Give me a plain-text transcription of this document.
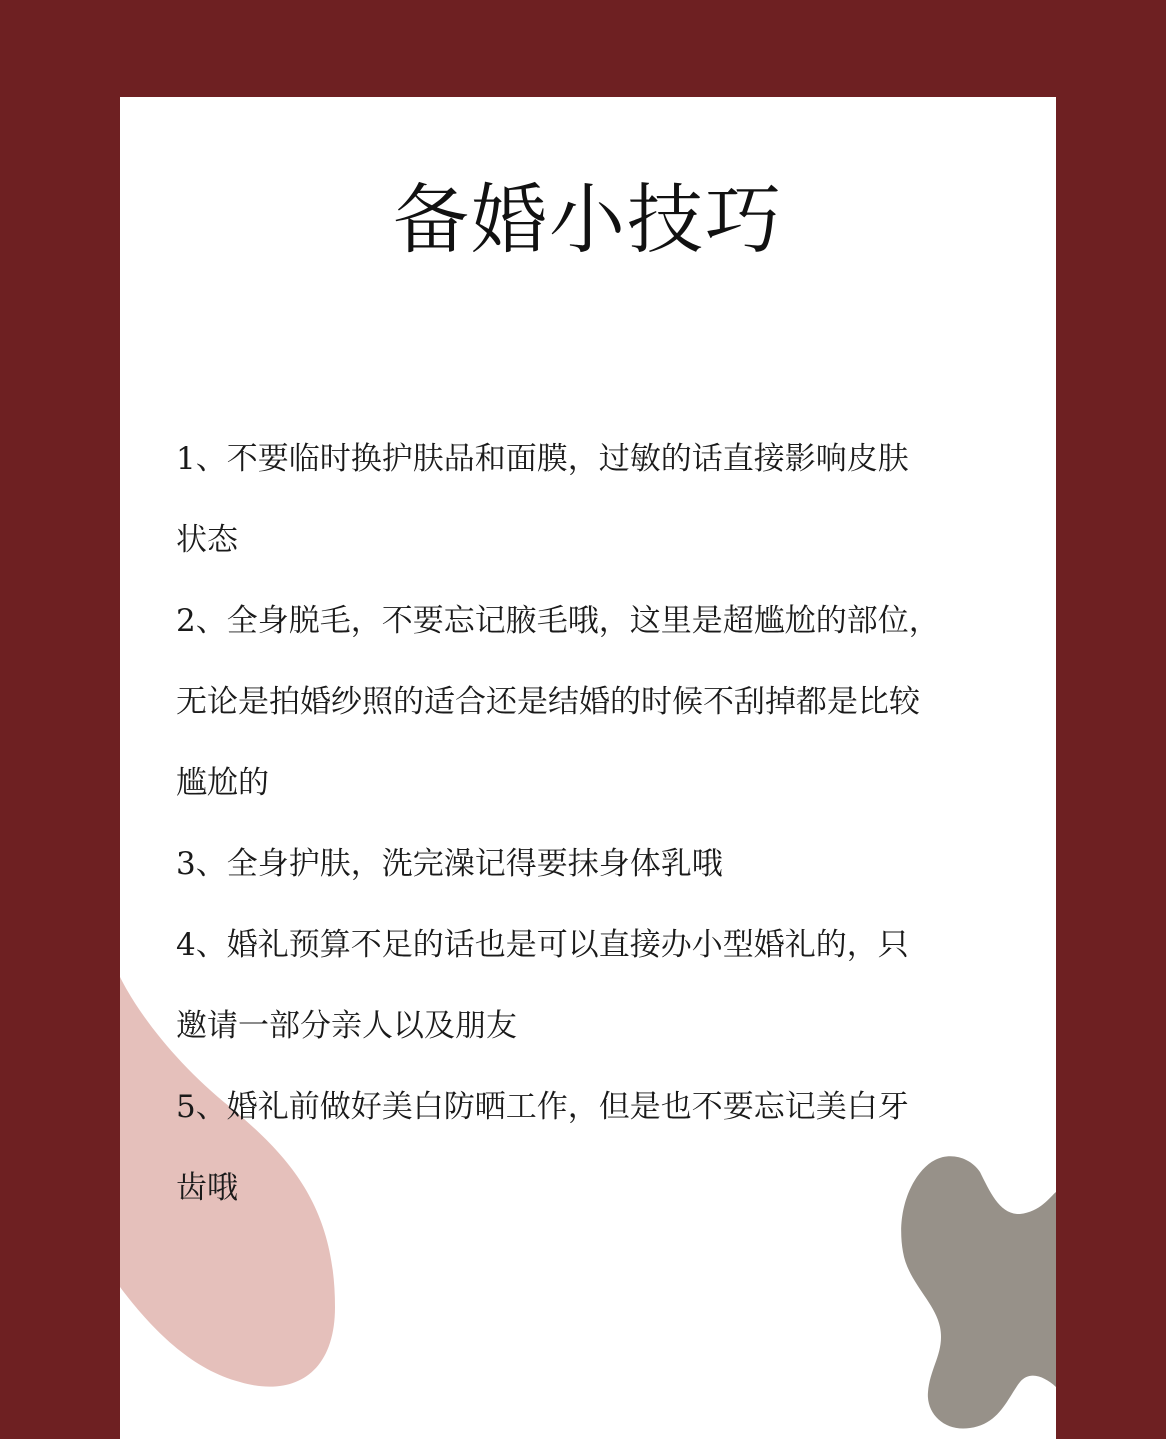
备婚小技巧
1、不要临时换护肤品和面膜，过敏的话直接影响皮肤
状态
2、全身脱毛，不要忘记腋毛哦，这里是超尴尬的部位，
无论是拍婚纱照的适合还是结婚的时候不刮掉都是比较
尴尬的
3、全身护肤，洗完澡记得要抹身体乳哦
4、婚礼预算不足的话也是可以直接办小型婚礼的，只
邀请一部分亲人以及朋友
5、婚礼前做好美白防晒工作，但是也不要忘记美白牙
齿哦
